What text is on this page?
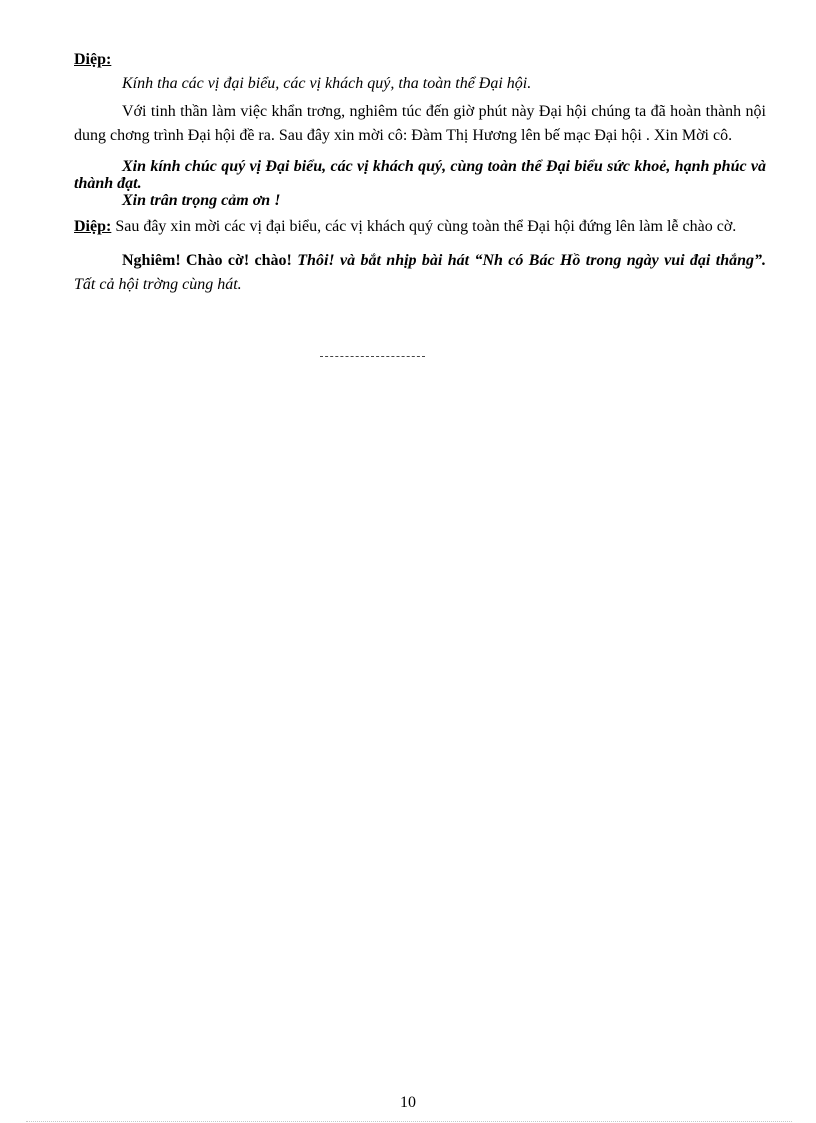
Diệp:

Kính tha các vị đại biểu, các vị khách quý, tha toàn thể Đại hội.

Với tinh thần làm việc khẩn trơng, nghiêm túc đến giờ phút này Đại hội chúng ta đã hoàn thành nội dung chơng trình Đại hội đề ra. Sau đây xin mời cô: Đàm Thị Hương lên bế mạc Đại hội . Xin Mời cô.

Xin kính chúc quý vị Đại biểu, các vị khách quý, cùng toàn thể Đại biểu sức khoẻ, hạnh phúc và thành đạt.

Xin trân trọng cảm ơn !

Diệp: Sau đây xin mời các vị đại biểu, các vị khách quý cùng toàn thể Đại hội đứng lên làm lễ chào cờ.

Nghiêm! Chào cờ! chào! Thôi! và bắt nhịp bài hát “Nh có Bác Hồ trong ngày vui đại thắng”. Tất cả hội trờng cùng hát.

10
